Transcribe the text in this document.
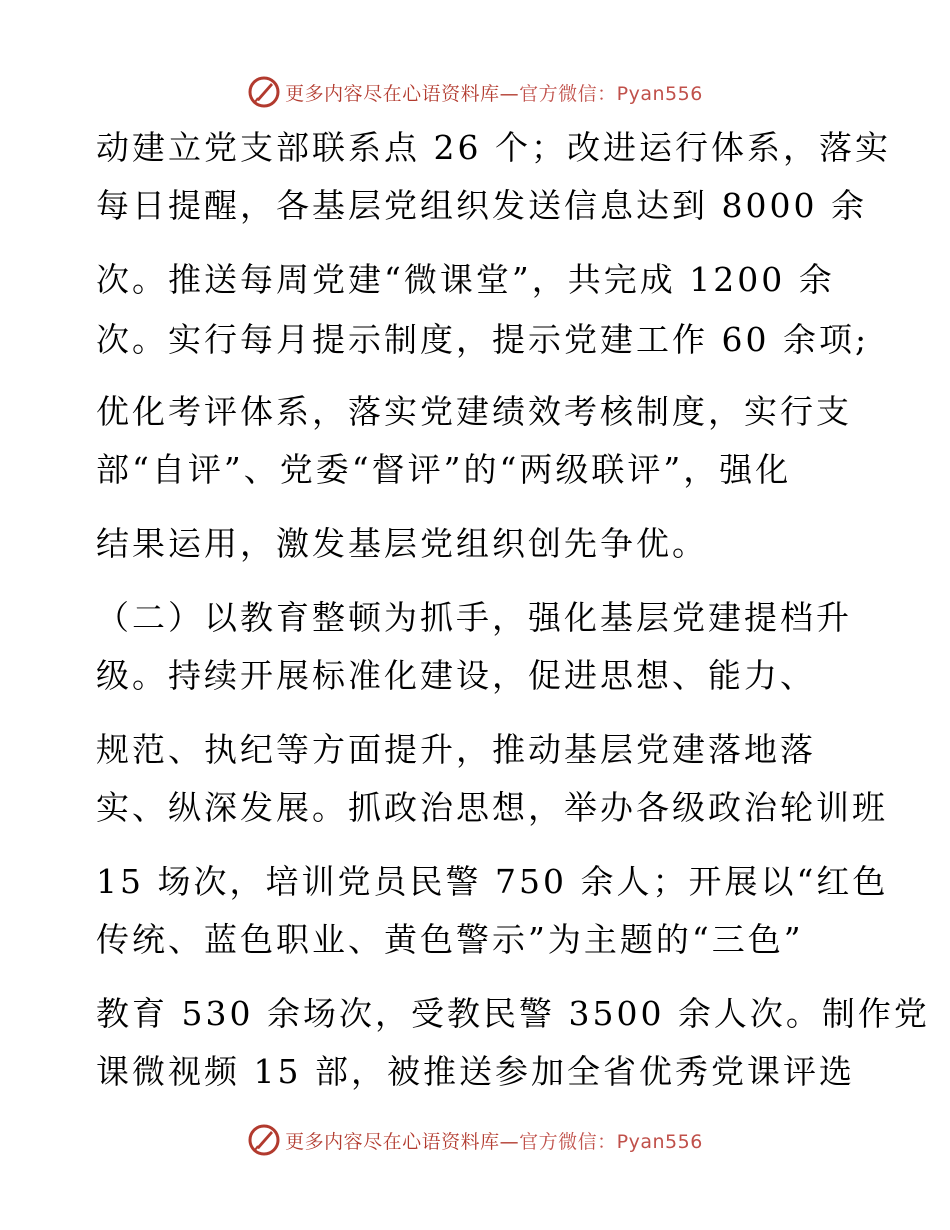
更多内容尽在心语资料库—官方微信：Pyan556
动建立党支部联系点 26 个；改进运行体系，落实
每日提醒，各基层党组织发送信息达到 8000 余
次。推送每周党建“微课堂”，共完成 1200 余
次。实行每月提示制度，提示党建工作 60 余项;
优化考评体系，落实党建绩效考核制度，实行支
部“自评”、党委“督评”的“两级联评”，强化
结果运用，激发基层党组织创先争优。
（二）以教育整顿为抓手，强化基层党建提档升
级。持续开展标准化建设，促进思想、能力、
规范、执纪等方面提升，推动基层党建落地落
实、纵深发展。抓政治思想，举办各级政治轮训班
15 场次，培训党员民警 750 余人；开展以“红色
传统、蓝色职业、黄色警示”为主题的“三色”
教育 530 余场次，受教民警 3500 余人次。制作党
课微视频 15 部，被推送参加全省优秀党课评选
更多内容尽在心语资料库—官方微信：Pyan556
